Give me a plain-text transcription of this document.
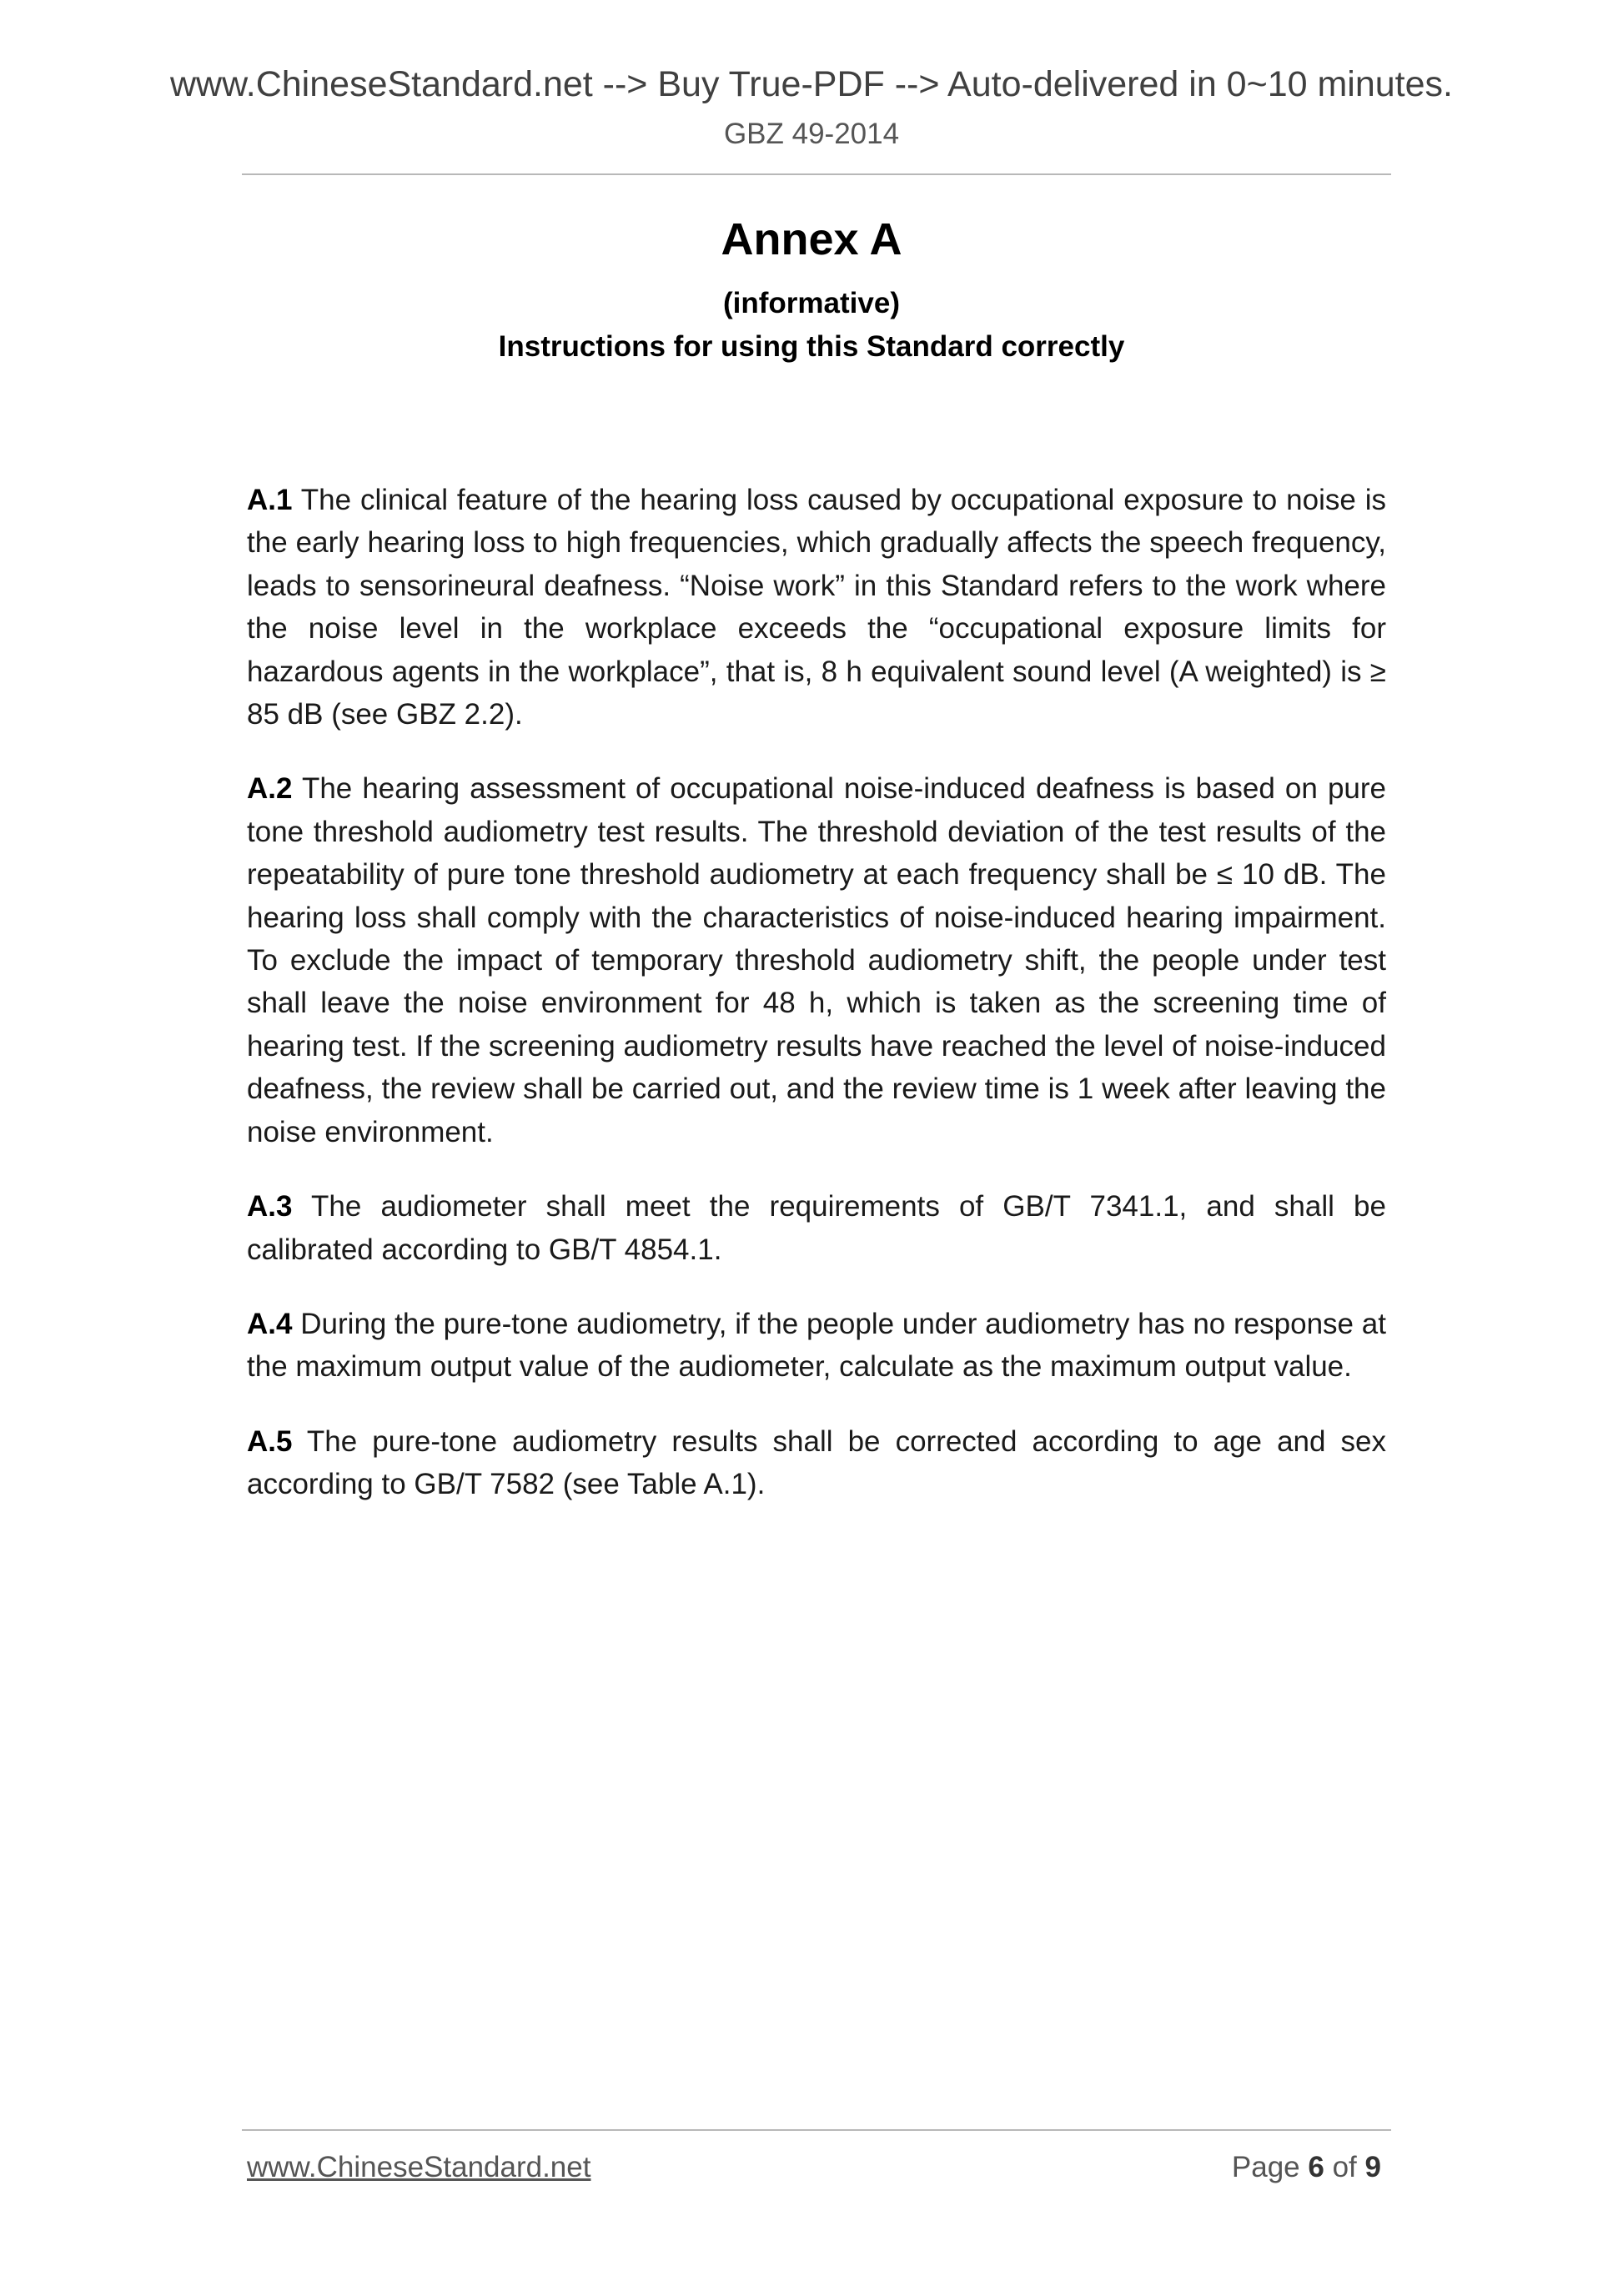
www.ChineseStandard.net --> Buy True-PDF --> Auto-delivered in 0~10 minutes.
GBZ 49-2014
Annex A
(informative)
Instructions for using this Standard correctly

A.1 The clinical feature of the hearing loss caused by occupational exposure to noise is the early hearing loss to high frequencies, which gradually affects the speech frequency, leads to sensorineural deafness. “Noise work” in this Standard refers to the work where the noise level in the workplace exceeds the “occupational exposure limits for hazardous agents in the workplace”, that is, 8 h equivalent sound level (A weighted) is ≥ 85 dB (see GBZ 2.2).

A.2 The hearing assessment of occupational noise-induced deafness is based on pure tone threshold audiometry test results. The threshold deviation of the test results of the repeatability of pure tone threshold audiometry at each frequency shall be ≤ 10 dB. The hearing loss shall comply with the characteristics of noise-induced hearing impairment. To exclude the impact of temporary threshold audiometry shift, the people under test shall leave the noise environment for 48 h, which is taken as the screening time of hearing test. If the screening audiometry results have reached the level of noise-induced deafness, the review shall be carried out, and the review time is 1 week after leaving the noise environment.

A.3 The audiometer shall meet the requirements of GB/T 7341.1, and shall be calibrated according to GB/T 4854.1.

A.4 During the pure-tone audiometry, if the people under audiometry has no response at the maximum output value of the audiometer, calculate as the maximum output value.

A.5 The pure-tone audiometry results shall be corrected according to age and sex according to GB/T 7582 (see Table A.1).

www.ChineseStandard.net	Page 6 of 9
